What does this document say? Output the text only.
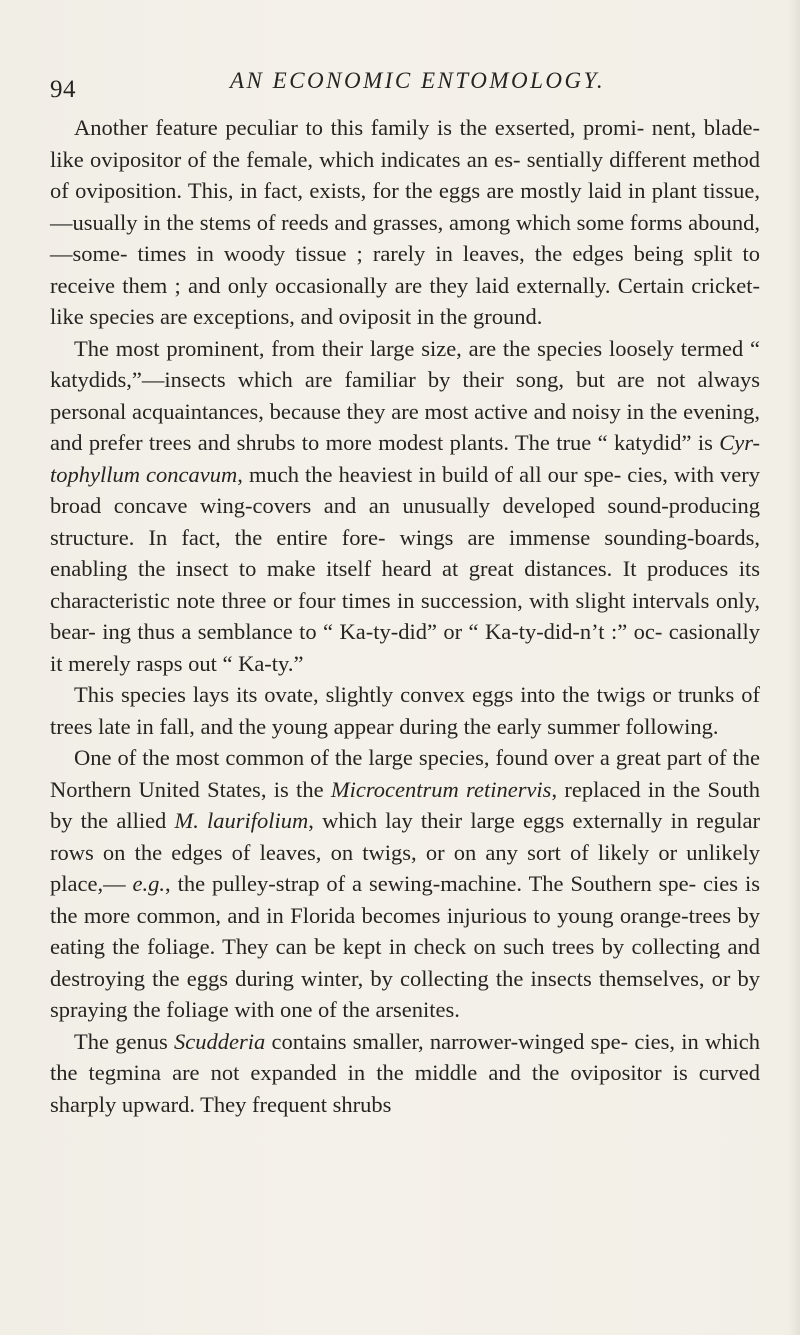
94	AN ECONOMIC ENTOMOLOGY.

Another feature peculiar to this family is the exserted, promi- nent, blade-like ovipositor of the female, which indicates an es- sentially different method of oviposition. This, in fact, exists, for the eggs are mostly laid in plant tissue,—usually in the stems of reeds and grasses, among which some forms abound,—some- times in woody tissue ; rarely in leaves, the edges being split to receive them ; and only occasionally are they laid externally. Certain cricket-like species are exceptions, and oviposit in the ground.

The most prominent, from their large size, are the species loosely termed “ katydids,”—insects which are familiar by their song, but are not always personal acquaintances, because they are most active and noisy in the evening, and prefer trees and shrubs to more modest plants. The true “ katydid” is Cyr- tophyllum concavum, much the heaviest in build of all our spe- cies, with very broad concave wing-covers and an unusually developed sound-producing structure. In fact, the entire fore- wings are immense sounding-boards, enabling the insect to make itself heard at great distances. It produces its characteristic note three or four times in succession, with slight intervals only, bear- ing thus a semblance to “ Ka-ty-did” or “ Ka-ty-did-n’t :” oc- casionally it merely rasps out “ Ka-ty.”

This species lays its ovate, slightly convex eggs into the twigs or trunks of trees late in fall, and the young appear during the early summer following.

One of the most common of the large species, found over a great part of the Northern United States, is the Microcentrum retinervis, replaced in the South by the allied M. laurifolium, which lay their large eggs externally in regular rows on the edges of leaves, on twigs, or on any sort of likely or unlikely place,— e.g., the pulley-strap of a sewing-machine. The Southern spe- cies is the more common, and in Florida becomes injurious to young orange-trees by eating the foliage. They can be kept in check on such trees by collecting and destroying the eggs during winter, by collecting the insects themselves, or by spraying the foliage with one of the arsenites.

The genus Scudderia contains smaller, narrower-winged spe- cies, in which the tegmina are not expanded in the middle and the ovipositor is curved sharply upward. They frequent shrubs
